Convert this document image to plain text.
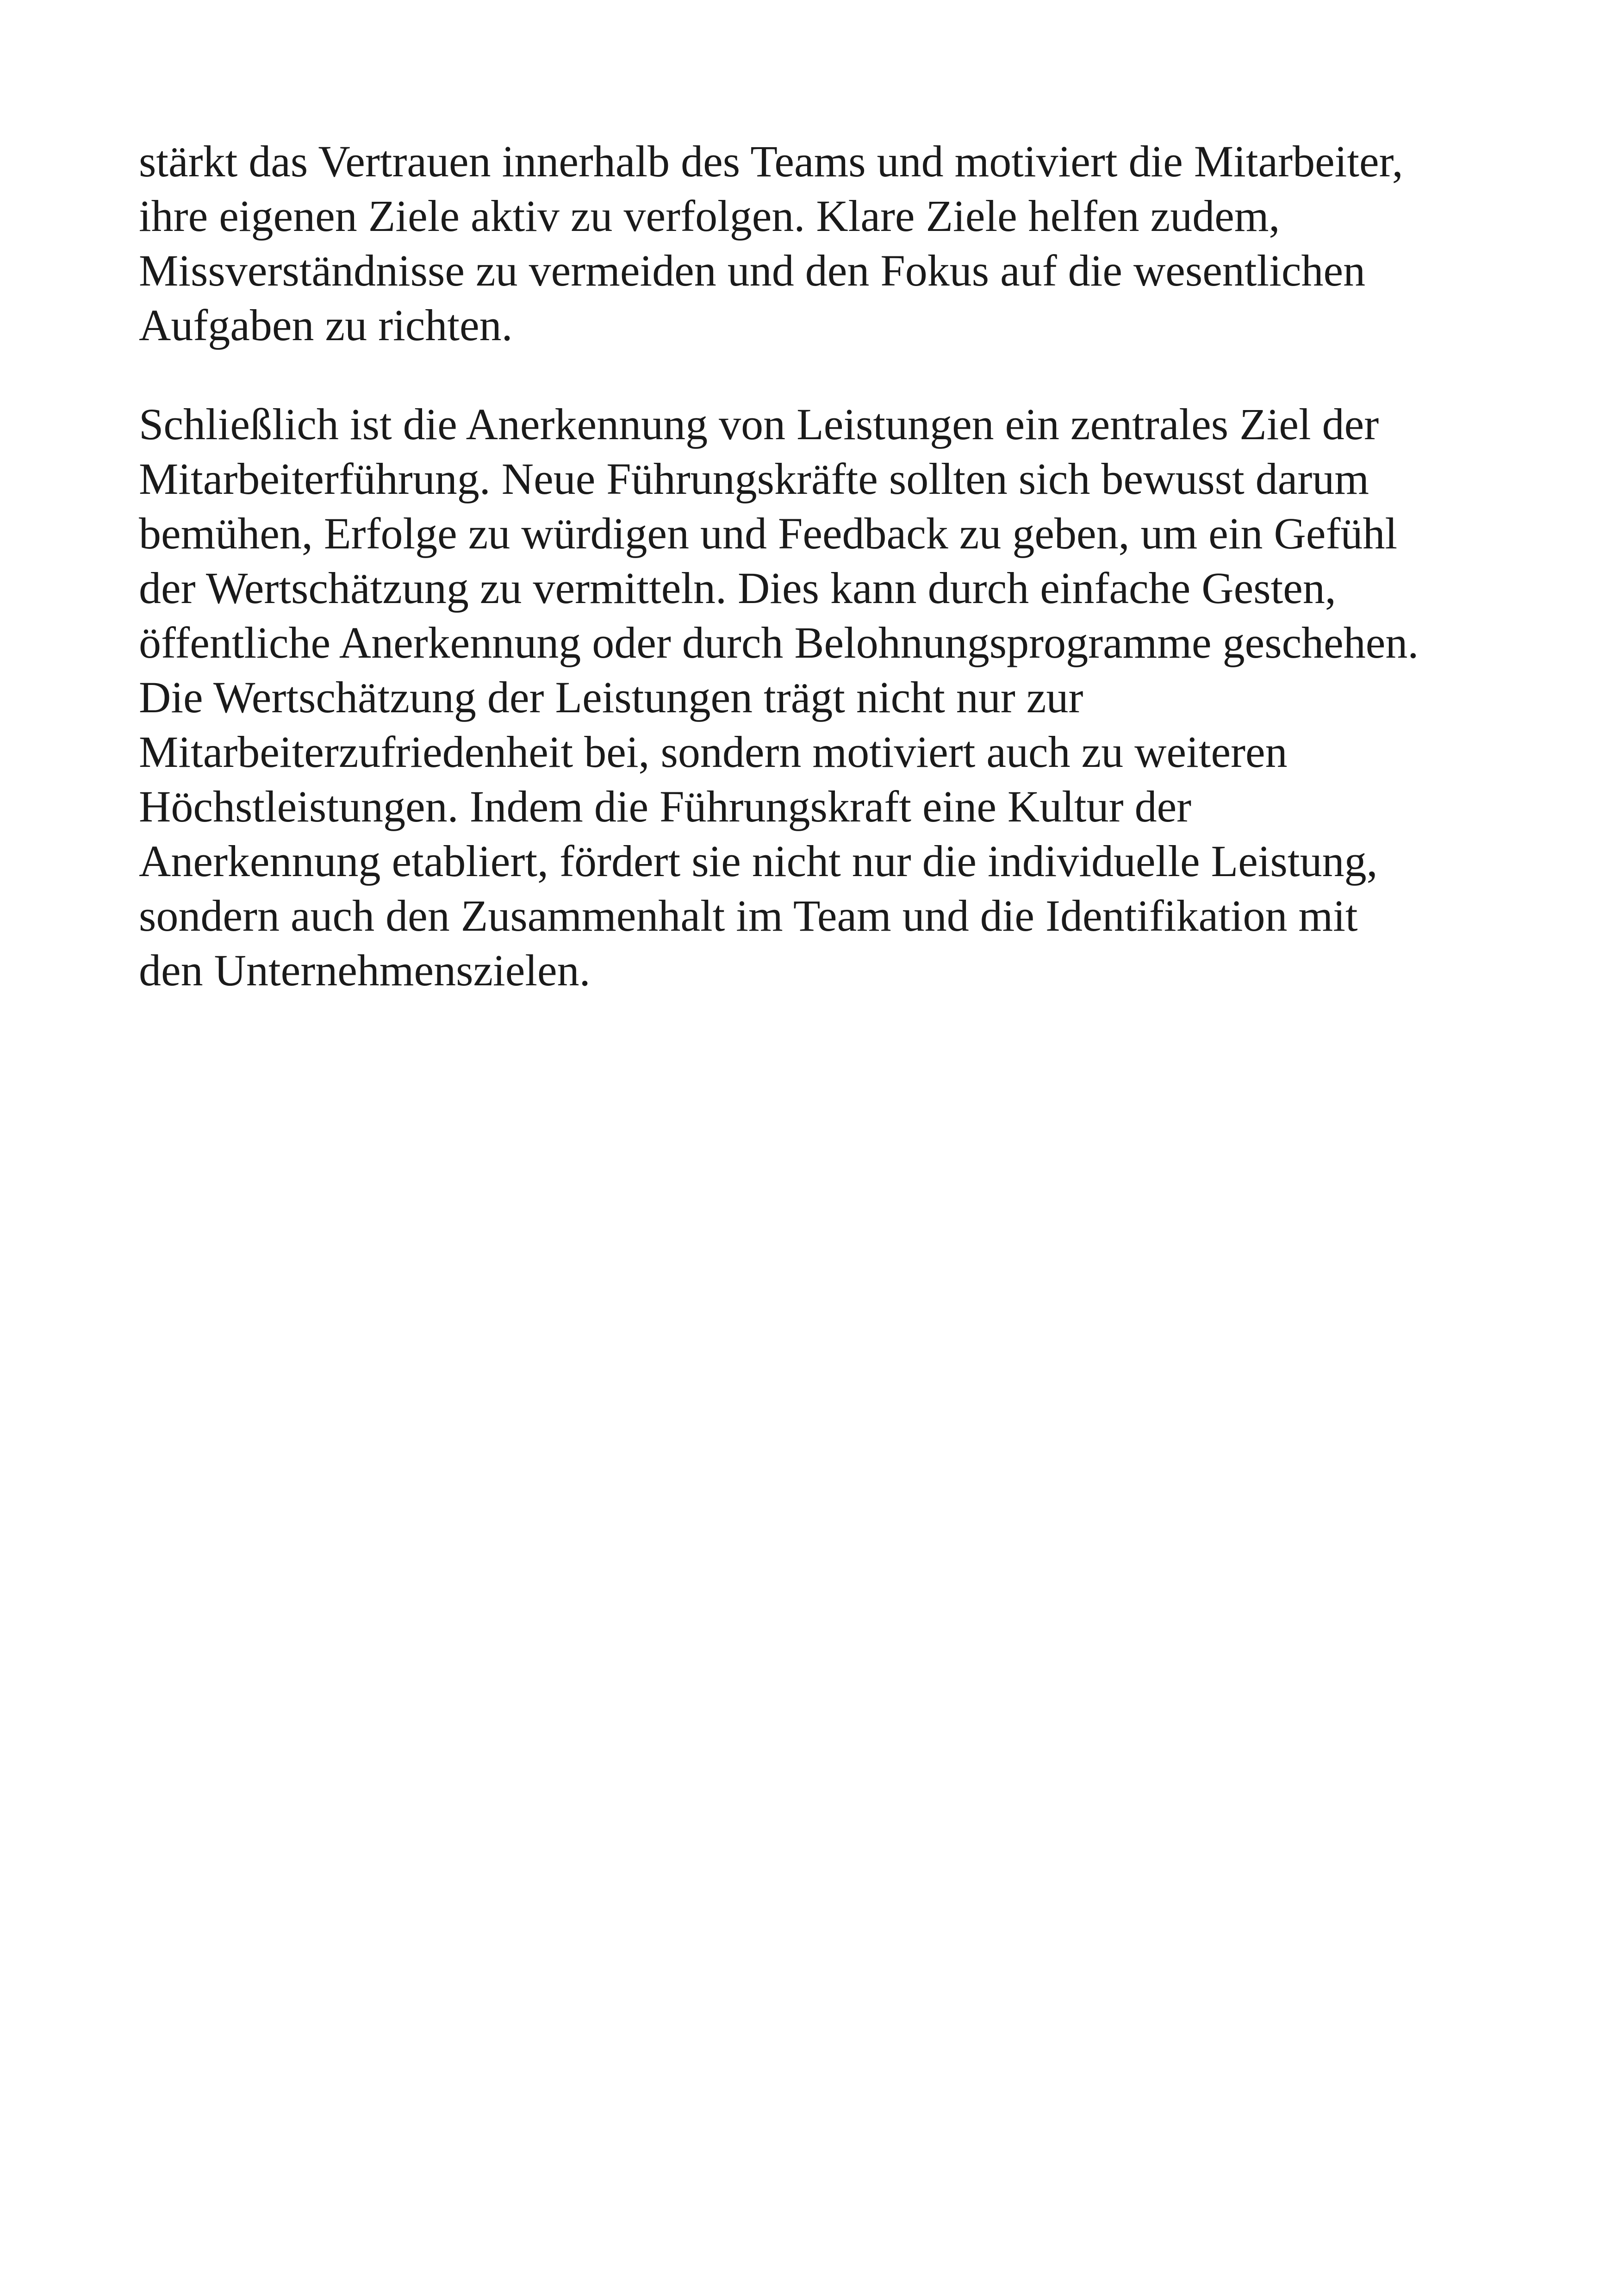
stärkt das Vertrauen innerhalb des Teams und motiviert die Mitarbeiter,
ihre eigenen Ziele aktiv zu verfolgen. Klare Ziele helfen zudem,
Missverständnisse zu vermeiden und den Fokus auf die wesentlichen
Aufgaben zu richten.

Schließlich ist die Anerkennung von Leistungen ein zentrales Ziel der
Mitarbeiterführung. Neue Führungskräfte sollten sich bewusst darum
bemühen, Erfolge zu würdigen und Feedback zu geben, um ein Gefühl
der Wertschätzung zu vermitteln. Dies kann durch einfache Gesten,
öffentliche Anerkennung oder durch Belohnungsprogramme geschehen.
Die Wertschätzung der Leistungen trägt nicht nur zur
Mitarbeiterzufriedenheit bei, sondern motiviert auch zu weiteren
Höchstleistungen. Indem die Führungskraft eine Kultur der
Anerkennung etabliert, fördert sie nicht nur die individuelle Leistung,
sondern auch den Zusammenhalt im Team und die Identifikation mit
den Unternehmenszielen.
